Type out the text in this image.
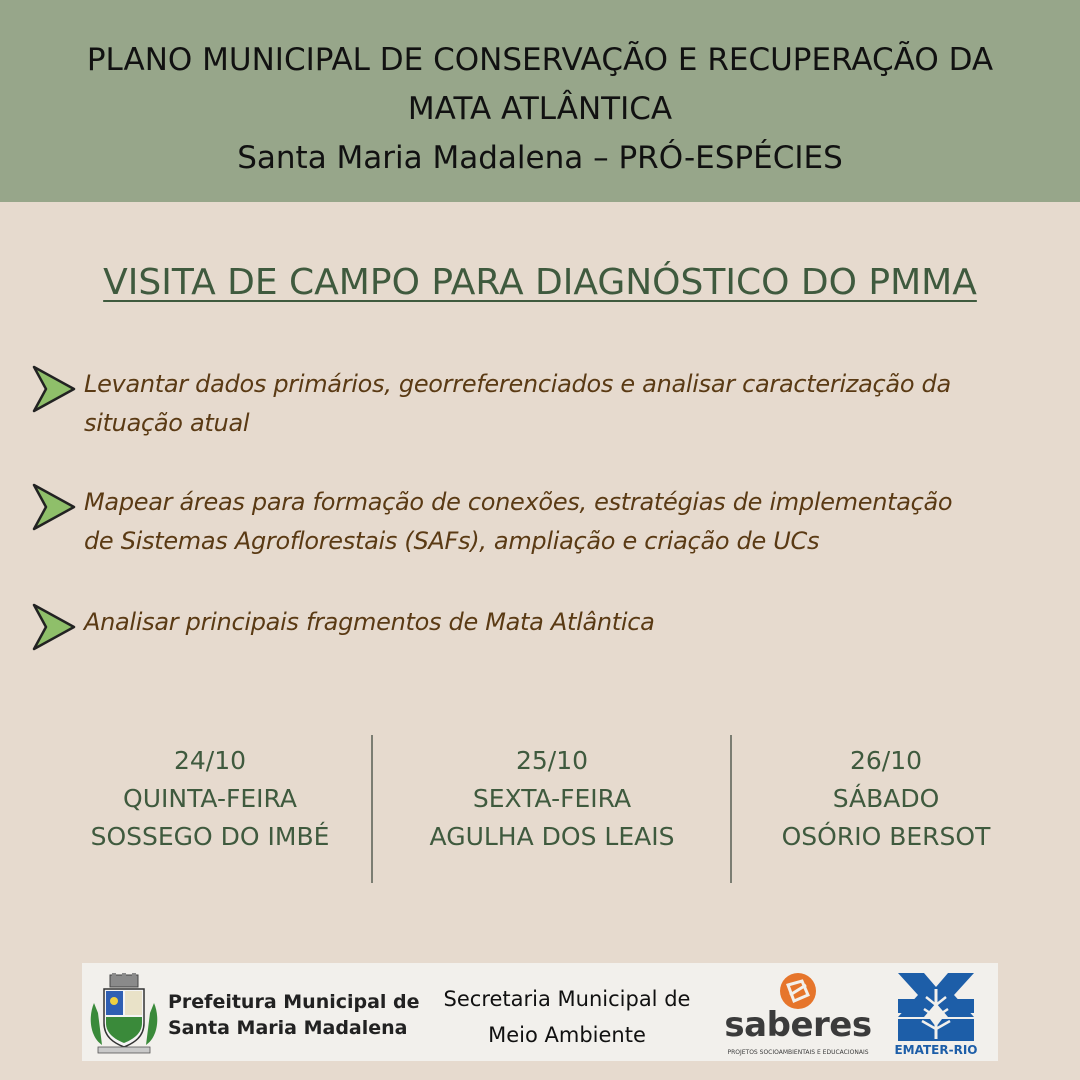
PLANO MUNICIPAL DE CONSERVAÇÃO E RECUPERAÇÃO DA
MATA ATLÂNTICA
Santa Maria Madalena – PRÓ-ESPÉCIES
VISITA DE CAMPO PARA DIAGNÓSTICO DO PMMA
Levantar dados primários, georreferenciados e analisar caracterização da
situação atual
Mapear áreas para formação de conexões, estratégias de implementação
de Sistemas Agroflorestais (SAFs), ampliação e criação de UCs
Analisar principais fragmentos de Mata Atlântica
24/10
QUINTA-FEIRA
SOSSEGO DO IMBÉ
25/10
SEXTA-FEIRA
AGULHA DOS LEAIS
26/10
SÁBADO
OSÓRIO BERSOT
Prefeitura Municipal de
Santa Maria Madalena
Secretaria Municipal de
Meio Ambiente	saberes
PROJETOS SOCIOAMBIENTAIS E EDUCACIONAIS	EMATER-RIO
